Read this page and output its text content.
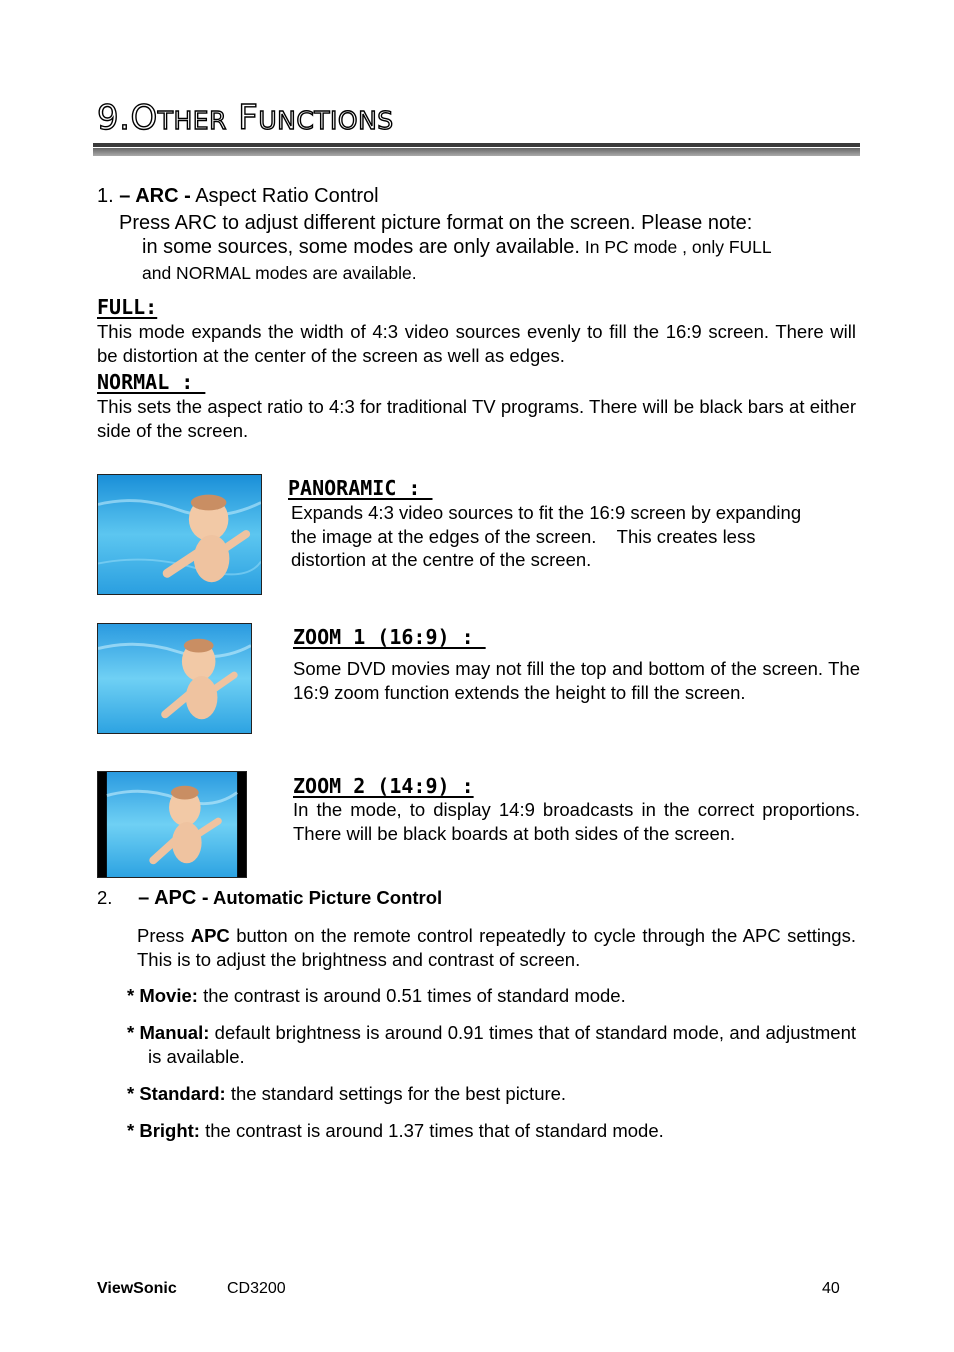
9.OTHER FUNCTIONS
1. – ARC - Aspect Ratio Control
Press ARC to adjust different picture format on the screen. Please note:
in some sources, some modes are only available. In PC mode , only FULL
and NORMAL modes are available.
FULL:
This mode expands the width of 4:3 video sources evenly to fill the 16:9 screen. There will be distortion at the center of the screen as well as edges.
NORMAL :
This sets the aspect ratio to 4:3 for traditional TV programs. There will be black bars at either side of the screen.
PANORAMIC :
Expands 4:3 video sources to fit the 16:9 screen by expanding
the image at the edges of the screen.    This creates less
distortion at the centre of the screen.
ZOOM 1 (16:9) :
Some DVD movies may not fill the top and bottom of the screen. The 16:9 zoom function extends the height to fill the screen.
ZOOM 2 (14:9) :
In the mode, to display 14:9 broadcasts in the correct proportions. There will be black boards at both sides of the screen.
2. – APC - Automatic Picture Control
Press APC button on the remote control repeatedly to cycle through the APC settings. This is to adjust the brightness and contrast of screen.
* Movie: the contrast is around 0.51 times of standard mode.
* Manual: default brightness is around 0.91 times that of standard mode, and adjustment is available.
* Standard: the standard settings for the best picture.
* Bright: the contrast is around 1.37 times that of standard mode.
ViewSonic	CD3200	40
